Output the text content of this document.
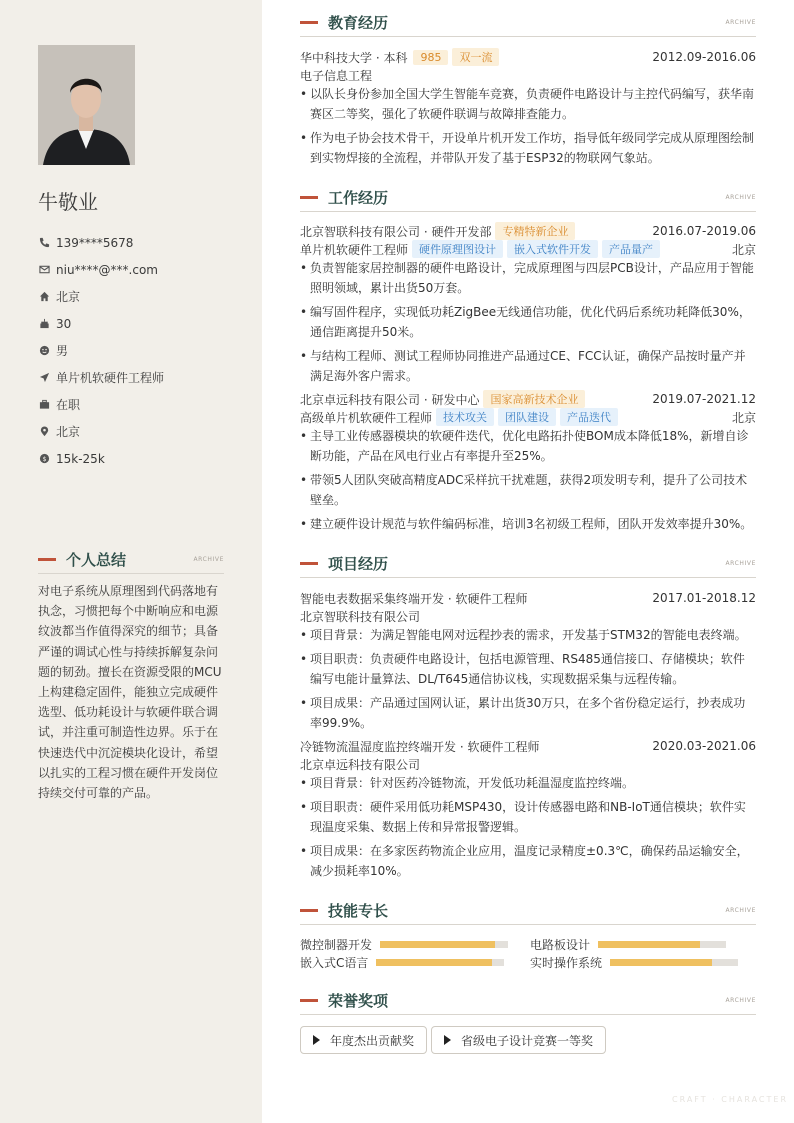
牛敬业
139****5678
niu****@***.com
北京
30
男
单片机软硬件工程师
在职
北京
$ 15k-25k
个人总结	ARCHIVE

对电子系统从原理图到代码落地有执念，习惯把每个中断响应和电源纹波都当作值得深究的细节；具备严谨的调试心性与持续拆解复杂问题的韧劲。擅长在资源受限的MCU上构建稳定固件，能独立完成硬件选型、低功耗设计与软硬件联合调试，并注重可制造性边界。乐于在快速迭代中沉淀模块化设计，希望以扎实的工程习惯在硬件开发岗位持续交付可靠的产品。

教育经历	ARCHIVE
华中科技大学 · 本科	985	双一流	2012.09-2016.06
电子信息工程
• 以队长身份参加全国大学生智能车竞赛，负责硬件电路设计与主控代码编写，获华南赛区二等奖，强化了软硬件联调与故障排查能力。
• 作为电子协会技术骨干，开设单片机开发工作坊，指导低年级同学完成从原理图绘制到实物焊接的全流程，并带队开发了基于ESP32的物联网气象站。
工作经历	ARCHIVE
北京智联科技有限公司 · 硬件开发部	专精特新企业	2016.07-2019.06
单片机软硬件工程师	硬件原理图设计	嵌入式软件开发	产品量产	北京
• 负责智能家居控制器的硬件电路设计，完成原理图与四层PCB设计，产品应用于智能照明领域，累计出货50万套。
• 编写固件程序，实现低功耗ZigBee无线通信功能，优化代码后系统功耗降低30%，通信距离提升50米。
• 与结构工程师、测试工程师协同推进产品通过CE、FCC认证，确保产品按时量产并满足海外客户需求。
北京卓远科技有限公司 · 研发中心	国家高新技术企业	2019.07-2021.12
高级单片机软硬件工程师	技术攻关	团队建设	产品迭代	北京
• 主导工业传感器模块的软硬件迭代，优化电路拓扑使BOM成本降低18%，新增自诊断功能，产品在风电行业占有率提升至25%。
• 带领5人团队突破高精度ADC采样抗干扰难题，获得2项发明专利，提升了公司技术壁垒。
• 建立硬件设计规范与软件编码标准，培训3名初级工程师，团队开发效率提升30%。
项目经历	ARCHIVE
智能电表数据采集终端开发 · 软硬件工程师	2017.01-2018.12
北京智联科技有限公司
• 项目背景：为满足智能电网对远程抄表的需求，开发基于STM32的智能电表终端。
• 项目职责：负责硬件电路设计，包括电源管理、RS485通信接口、存储模块；软件编写电能计量算法、DL/T645通信协议栈，实现数据采集与远程传输。
• 项目成果：产品通过国网认证，累计出货30万只，在多个省份稳定运行，抄表成功率99.9%。
冷链物流温湿度监控终端开发 · 软硬件工程师	2020.03-2021.06
北京卓远科技有限公司
• 项目背景：针对医药冷链物流，开发低功耗温湿度监控终端。
• 项目职责：硬件采用低功耗MSP430，设计传感器电路和NB-IoT通信模块；软件实现温度采集、数据上传和异常报警逻辑。
• 项目成果：在多家医药物流企业应用，温度记录精度±0.3℃，确保药品运输安全，减少损耗率10%。
技能专长	ARCHIVE
微控制器开发	电路板设计
嵌入式C语言	实时操作系统
荣誉奖项	ARCHIVE
年度杰出贡献奖	省级电子设计竞赛一等奖
CRAFT · CHARACTER
